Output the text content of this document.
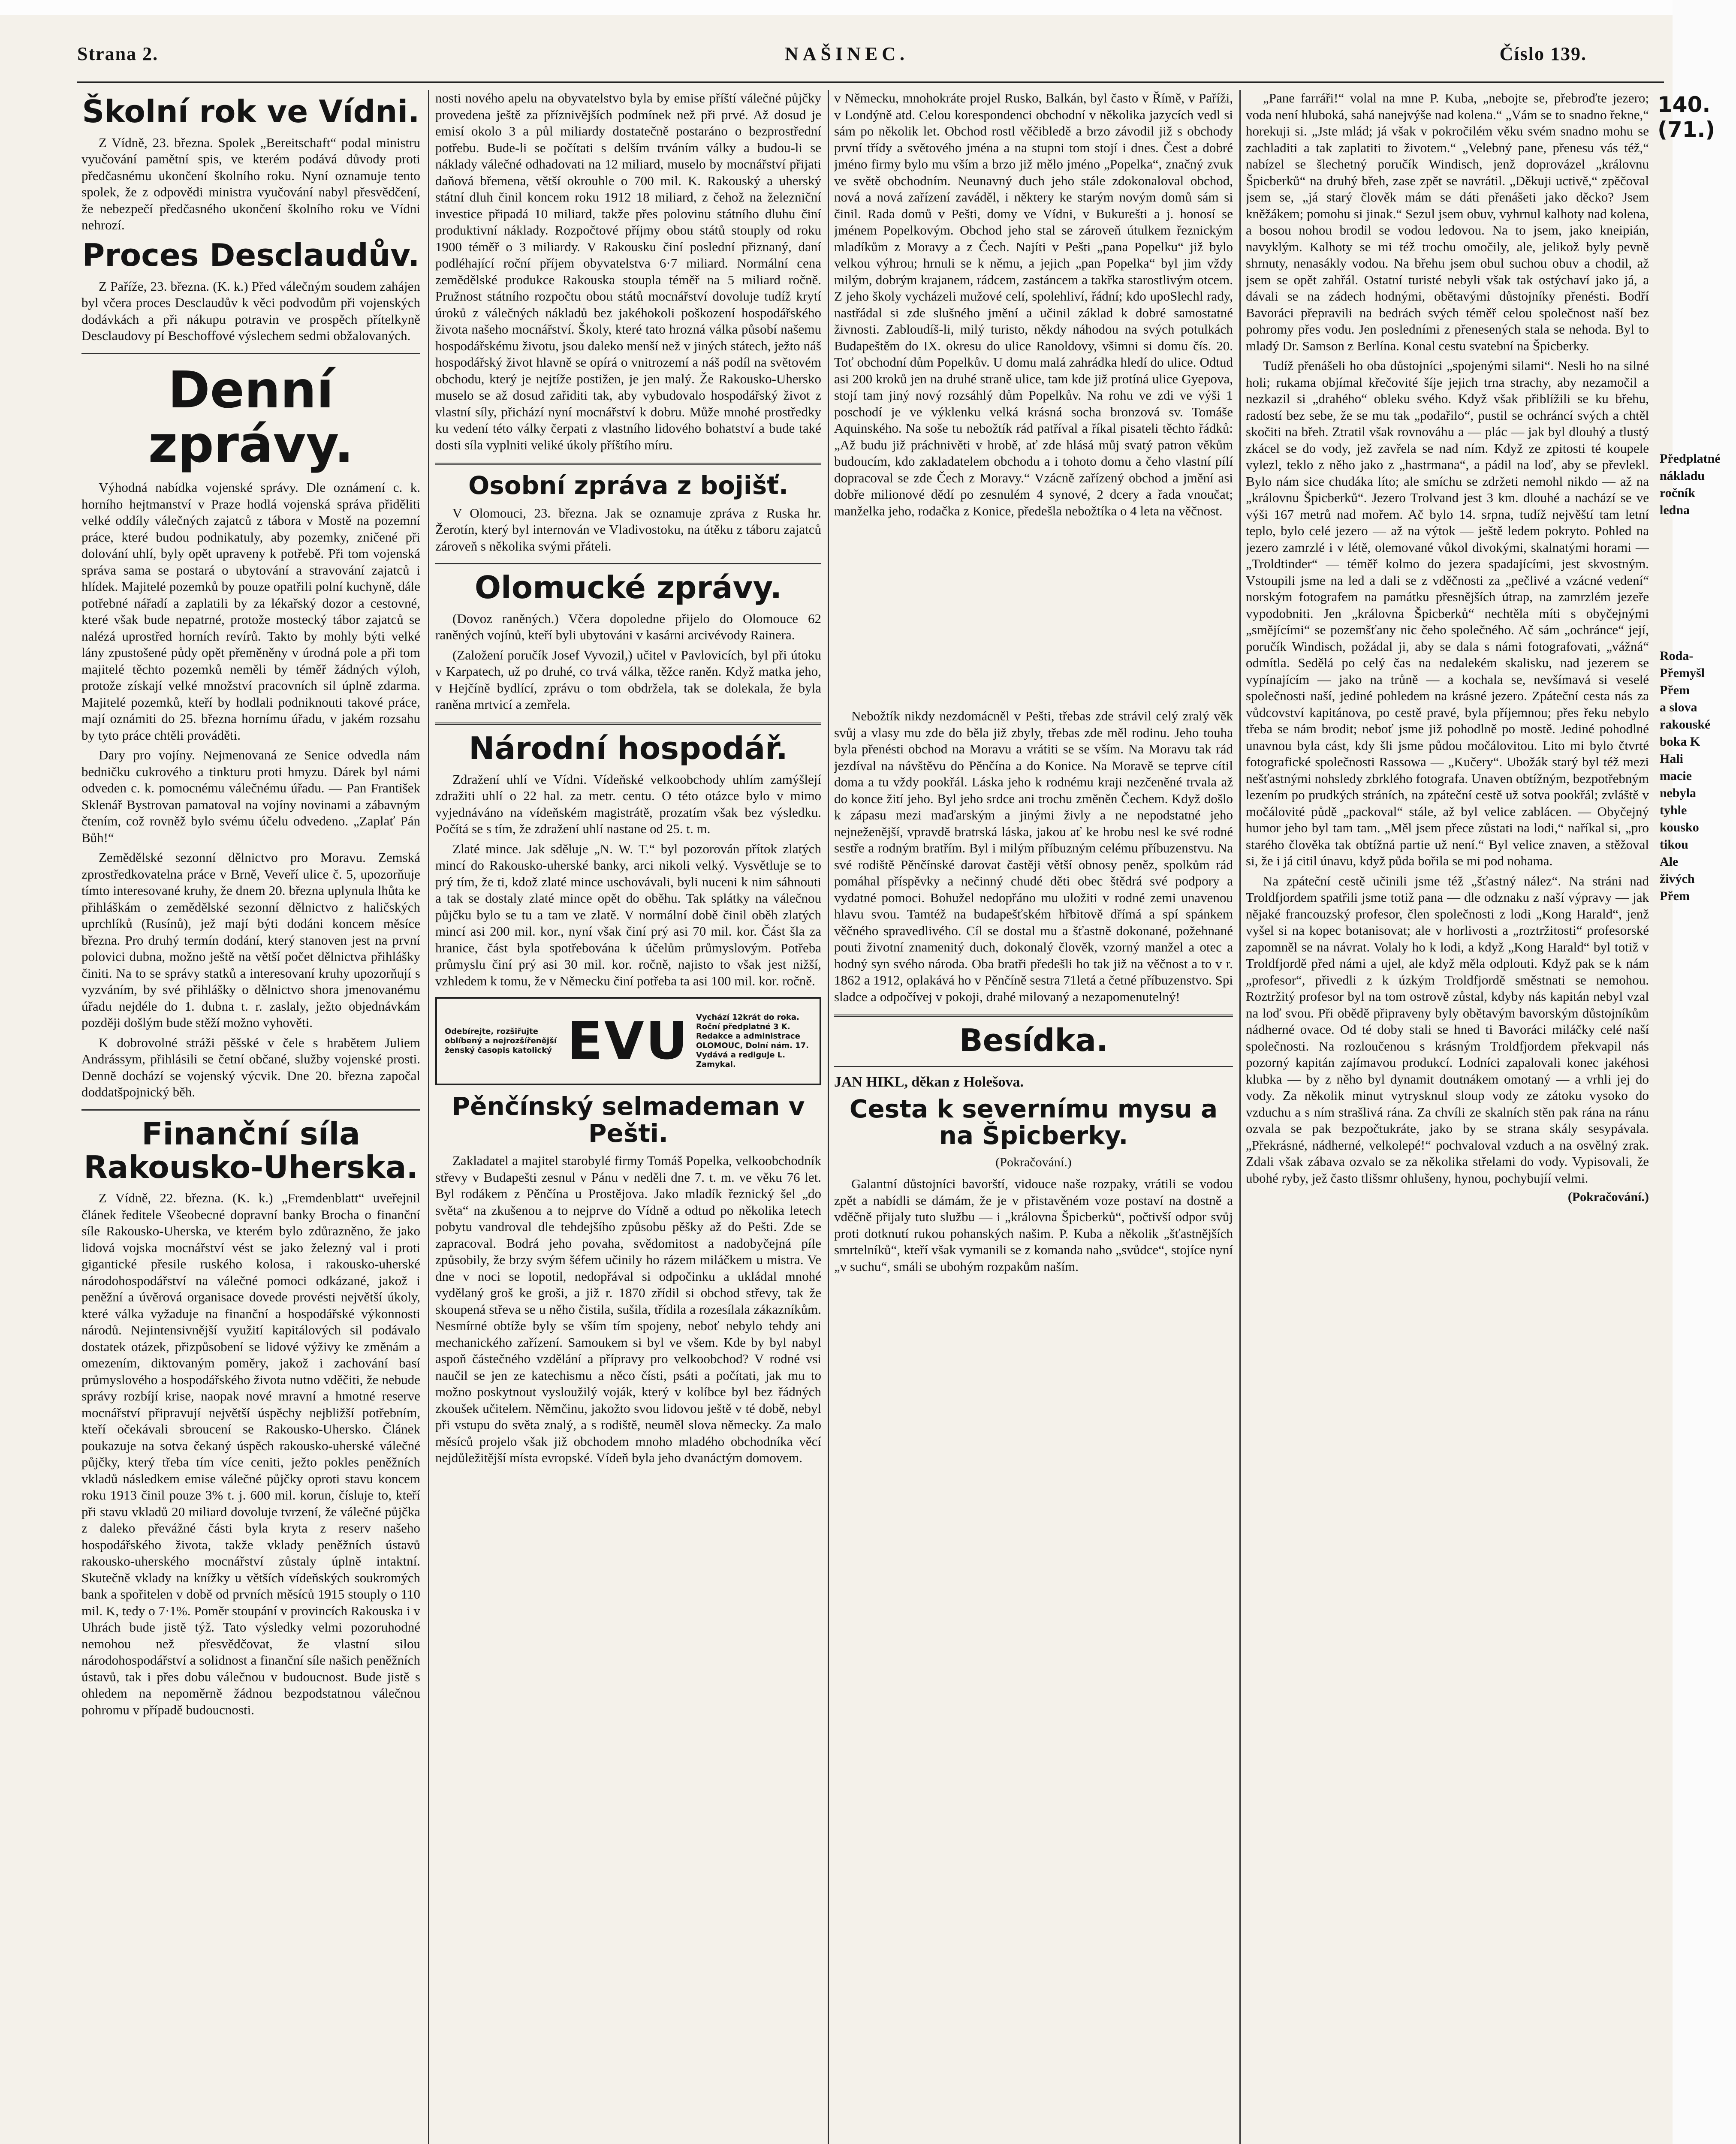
Strana 2.	NAŠINEC.	Číslo 139.
Školní rok ve Vídni.

Z Vídně, 23. března. Spolek „Bereitschaft“ podal ministru vyučování pamětní spis, ve kterém podává důvody proti předčasnému ukončení školního roku. Nyní oznamuje tento spolek, že z odpovědi ministra vyučování nabyl přesvědčení, že nebezpečí předčasného ukončení školního roku ve Vídni nehrozí.

Proces Desclaudův.

Z Paříže, 23. března. (K. k.) Před válečným soudem zahájen byl včera proces Desclaudův k věci podvodům při vojenských dodávkách a při nákupu potravin ve prospěch přítelkyně Desclaudovy pí Beschoffové výslechem sedmi obžalovaných.

Denní zprávy.

Výhodná nabídka vojenské správy. Dle oznámení c. k. horního hejtmanství v Praze hodlá vojenská správa přiděliti velké oddíly válečných zajatců z tábora v Mostě na pozemní práce, které budou podnikatuly, aby pozemky, zničené při dolování uhlí, byly opět upraveny k potřebě. Při tom vojenská správa sama se postará o ubytování a stravování zajatců i hlídek. Majitelé pozemků by pouze opatřili polní kuchyně, dále potřebné nářadí a zaplatili by za lékařský dozor a cestovné, které však bude nepatrné, protože mostecký tábor zajatců se nalézá uprostřed horních revírů. Takto by mohly býti velké lány zpustošené půdy opět přeměněny v úrodná pole a při tom majitelé těchto pozemků neměli by téměř žádných výloh, protože získají velké množství pracovních sil úplně zdarma. Majitelé pozemků, kteří by hodlali podniknouti takové práce, mají oznámiti do 25. března hornímu úřadu, v jakém rozsahu by tyto práce chtěli prováděti.

Dary pro vojíny. Nejmenovaná ze Senice odvedla nám bedničku cukrového a tinkturu proti hmyzu. Dárek byl námi odveden c. k. pomocnému válečnému úřadu. — Pan František Sklenář Bystrovan pamatoval na vojíny novinami a zábavným čtením, což rovněž bylo svému účelu odvedeno. „Zaplať Pán Bůh!“

Zemědělské sezonní dělnictvo pro Moravu. Zemská zprostředkovatelna práce v Brně, Veveří ulice č. 5, upozorňuje tímto interesované kruhy, že dnem 20. března uplynula lhůta ke přihláškám o zemědělské sezonní dělnictvo z haličských uprchlíků (Rusínů), jež mají býti dodáni koncem měsíce března. Pro druhý termín dodání, který stanoven jest na první polovici dubna, možno ještě na větší počet dělnictva přihlášky činiti. Na to se správy statků a interesovaní kruhy upozorňují s vyzváním, by své přihlášky o dělnictvo shora jmenovanému úřadu nejdéle do 1. dubna t. r. zaslaly, ježto objednávkám později došlým bude stěží možno vyhověti.

K dobrovolné stráži pěšské v čele s hrabětem Juliem Andrássym, přihlásili se četní občané, služby vojenské prosti. Denně dochází se vojenský výcvik. Dne 20. března započal doddatšpojnický běh.

Finanční síla Rakousko-Uherska.

Z Vídně, 22. března. (K. k.) „Fremdenblatt“ uveřejnil článek ředitele Všeobecné dopravní banky Brocha o finanční síle Rakousko-Uherska, ve kterém bylo zdůrazněno, že jako lidová vojska mocnářství vést se jako železný val i proti gigantické přesile ruského kolosa, i rakousko-uherské národohospodářství na válečné pomoci odkázané, jakož i peněžní a úvěrová organisace dovede provésti největší úkoly, které válka vyžaduje na finanční a hospodářské výkonnosti národů. Nejintensivnější využití kapitálových sil podávalo dostatek otázek, přizpůsobení se lidové výživy ke změnám a omezením, diktovaným poměry, jakož i zachování basí průmyslového a hospodářského života nutno vděčiti, že nebude správy rozbíjí krise, naopak nové mravní a hmotné reserve mocnářství připravují největší úspěchy nejbližší potřebním, kteří očekávali sbroucení se Rakousko-Uhersko. Článek poukazuje na sotva čekaný úspěch rakousko-uherské válečné půjčky, který třeba tím více ceniti, ježto pokles peněžních vkladů následkem emise válečné půjčky oproti stavu koncem roku 1913 činil pouze 3% t. j. 600 mil. korun, čísluje to, kteří při stavu vkladů 20 miliard dovoluje tvrzení, že válečné půjčka z daleko převážné části byla kryta z reserv našeho hospodářského života, takže vklady peněžních ústavů rakousko-uherského mocnářství zůstaly úplně intaktní. Skutečně vklady na knížky u větších vídeňských soukromých bank a spořitelen v době od prvních měsíců 1915 stouply o 110 mil. K, tedy o 7·1%. Poměr stoupání v provincích Rakouska i v Uhrách bude jistě týž. Tato výsledky velmi pozoruhodné nemohou než přesvědčovat, že vlastní silou národohospodářství a solidnost a finanční síle našich peněžních ústavů, tak i přes dobu válečnou v budoucnost. Bude jistě s ohledem na nepoměrně žádnou bezpodstatnou válečnou pohromu v případě budoucnosti.

nosti nového apelu na obyvatelstvo byla by emise příští válečné půjčky provedena ještě za příznivějších podmínek než při prvé. Až dosud je emisí okolo 3 a půl miliardy dostatečně postaráno o bezprostřední potřebu. Bude-li se počítati s delším trváním války a budou-li se náklady válečné odhadovati na 12 miliard, muselo by mocnářství přijati daňová břemena, větší okrouhle o 700 mil. K. Rakouský a uherský státní dluh činil koncem roku 1912 18 miliard, z čehož na železniční investice připadá 10 miliard, takže přes polovinu státního dluhu činí produktivní náklady. Rozpočtové příjmy obou států stouply od roku 1900 téměř o 3 miliardy. V Rakousku činí poslední přiznaný, daní podléhající roční příjem obyvatelstva 6·7 miliard. Normální cena zemědělské produkce Rakouska stoupla téměř na 5 miliard ročně. Pružnost státního rozpočtu obou států mocnářství dovoluje tudíž krytí úroků z válečných nákladů bez jakéhokoli poškození hospodářského života našeho mocnářství. Školy, které tato hrozná válka působí našemu hospodářskému životu, jsou daleko menší než v jiných státech, ježto náš hospodářský život hlavně se opírá o vnitrozemí a náš podíl na světovém obchodu, který je nejtíže postižen, je jen malý. Že Rakousko-Uhersko muselo se až dosud zařiditi tak, aby vybudovalo hospodářský život z vlastní síly, přichází nyní mocnářství k dobru. Může mnohé prostředky ku vedení této války čerpati z vlastního lidového bohatství a bude také dosti síla vyplniti veliké úkoly příštího míru.

Osobní zpráva z bojišť.

V Olomouci, 23. března. Jak se oznamuje zpráva z Ruska hr. Žerotín, který byl internován ve Vladivostoku, na útěku z táboru zajatců zároveň s několika svými přáteli.

Olomucké zprávy.

(Dovoz raněných.) Včera dopoledne přijelo do Olomouce 62 raněných vojínů, kteří byli ubytováni v kasárni arcivévody Rainera.

(Založení poručík Josef Vyvozil,) učitel v Pavlovicích, byl při útoku v Karpatech, už po druhé, co trvá válka, těžce raněn. Když matka jeho, v Hejčíně bydlící, zprávu o tom obdržela, tak se dolekala, že byla raněna mrtvicí a zemřela.

Národní hospodář.

Zdražení uhlí ve Vídni. Vídeňské velkoobchody uhlím zamýšlejí zdražiti uhlí o 22 hal. za metr. centu. O této otázce bylo v mimo vyjednáváno na vídeňském magistrátě, prozatím však bez výsledku. Počítá se s tím, že zdražení uhlí nastane od 25. t. m.

Zlaté mince. Jak sděluje „N. W. T.“ byl pozorován přítok zlatých mincí do Rakousko-uherské banky, arci nikoli velký. Vysvětluje se to prý tím, že ti, kdož zlaté mince uschovávali, byli nuceni k nim sáhnouti a tak se dostaly zlaté mince opět do oběhu. Tak splátky na válečnou půjčku bylo se tu a tam ve zlatě. V normální době činil oběh zlatých mincí asi 200 mil. kor., nyní však činí prý asi 70 mil. kor. Část šla za hranice, část byla spotřebována k účelům průmyslovým. Potřeba průmyslu činí prý asi 30 mil. kor. ročně, najisto to však jest nižší, vzhledem k tomu, že v Německu činí potřeba ta asi 100 mil. kor. ročně.

Odebírejte, rozšiřujte oblíbený a nejrozšířenější ženský časopis katolický EVU Vychází 12krát do roka. Roční předplatné 3 K. Redakce a administrace OLOMOUC, Dolní nám. 17. Vydává a rediguje L. Zamykal.
Pěnčínský selmademan v Pešti.

Zakladatel a majitel starobylé firmy Tomáš Popelka, velkoobchodník střevy v Budapešti zesnul v Pánu v neděli dne 7. t. m. ve věku 76 let. Byl rodákem z Pěnčína u Prostějova. Jako mladík řeznický šel „do světa“ na zkušenou a to nejprve do Vídně a odtud po několika letech pobytu vandroval dle tehdejšího způsobu pěšky až do Pešti. Zde se zapracoval. Bodrá jeho povaha, svědomitost a nadobyčejná píle způsobily, že brzy svým šéfem učinily ho rázem miláčkem u mistra. Ve dne v noci se lopotil, nedopřával si odpočinku a ukládal mnohé vydělaný groš ke groši, a již r. 1870 zřídil si obchod střevy, tak že skoupená střeva se u něho čistila, sušila, třídila a rozesílala zákazníkům. Nesmírné obtíže byly se vším tím spojeny, neboť nebylo tehdy ani mechanického zařízení. Samoukem si byl ve všem. Kde by byl nabyl aspoň částečného vzdělání a přípravy pro velkoobchod? V rodné vsi naučil se jen ze katechismu a něco čísti, psáti a počítati, jak mu to možno poskytnout vysloužilý voják, který v kolíbce byl bez řádných zkoušek učitelem. Němčinu, jakožto svou lidovou ještě v té době, nebyl při vstupu do světa znalý, a s rodiště, neuměl slova německy. Za malo měsíců projelo však již obchodem mnoho mladého obchodníka věcí nejdůležitější místa evropské. Vídeň byla jeho dvanáctým domovem.

v Německu, mnohokráte projel Rusko, Balkán, byl často v Římě, v Paříži, v Londýně atd. Celou korespondenci obchodní v několika jazycích vedl si sám po několik let. Obchod rostl věčibledě a brzo závodil již s obchody první třídy a světového jména a na stupni tom stojí i dnes. Čest a dobré jméno firmy bylo mu vším a brzo již mělo jméno „Popelka“, značný zvuk ve světě obchodním. Neunavný duch jeho stále zdokonaloval obchod, nová a nová zařízení zaváděl, i některy ke starým novým domů sám si činil. Rada domů v Pešti, domy ve Vídni, v Bukurešti a j. honosí se jménem Popelkovým. Obchod jeho stal se zároveň útulkem řeznickým mladíkům z Moravy a z Čech. Najíti v Pešti „pana Popelku“ již bylo velkou výhrou; hrnuli se k němu, a jejich „pan Popelka“ byl jim vždy milým, dobrým krajanem, rádcem, zastáncem a takřka starostlivým otcem. Z jeho školy vycházeli mužové celí, spolehliví, řádní; kdo upoSlechl rady, nastřádal si zde slušného jmění a učinil základ k dobré samostatné živnosti. Zabloudíš-li, milý turisto, někdy náhodou na svých potulkách Budapeštěm do IX. okresu do ulice Ranoldovy, všimni si domu čís. 20. Toť obchodní dům Popelkův. U domu malá zahrádka hledí do ulice. Odtud asi 200 kroků jen na druhé straně ulice, tam kde již protíná ulice Gyepova, stojí tam jiný nový rozsáhlý dům Popelkův. Na rohu ve zdi ve výši 1 poschodí je ve výklenku velká krásná socha bronzová sv. Tomáše Aquinského. Na soše tu nebožtík rád patříval a říkal pisateli těchto řádků: „Až budu již práchnivěti v hrobě, ať zde hlásá můj svatý patron věkům budoucím, kdo zakladatelem obchodu a i tohoto domu a čeho vlastní pílí dopracoval se zde Čech z Moravy.“ Vzácně zařízený obchod a jmění asi dobře milionové dědí po zesnulém 4 synové, 2 dcery a řada vnoučat; manželka jeho, rodačka z Konice, předešla nebožtíka o 4 leta na věčnost.

Nebožtík nikdy nezdomácněl v Pešti, třebas zde strávil celý zralý věk svůj a vlasy mu zde do běla již zbyly, třebas zde měl rodinu. Jeho touha byla přenésti obchod na Moravu a vrátiti se se vším. Na Moravu tak rád jezdíval na návštěvu do Pěnčína a do Konice. Na Moravě se teprve cítil doma a tu vždy pookřál. Láska jeho k rodnému kraji nezčeněné trvala až do konce žití jeho. Byl jeho srdce ani trochu změněn Čechem. Když došlo k zápasu mezi maďarským a jinými živly a ne nepodstatné jeho nejneženější, vpravdě bratrská láska, jakou ať ke hrobu nesl ke své rodné sestře a rodným bratřím. Byl i milým příbuzným celému příbuzenstvu. Na své rodiště Pěnčínské darovat častěji větší obnosy peněz, spolkům rád pomáhal příspěvky a nečinný chudé děti obec štědrá své podpory a vydatné pomoci. Bohužel nedopřáno mu uložiti v rodné zemi unavenou hlavu svou. Tamtéž na budapešťském hřbitově dřímá a spí spánkem věčného spravedlivého. Cíl se dostal mu a šťastně dokonané, požehnané pouti životní znamenitý duch, dokonalý člověk, vzorný manžel a otec a hodný syn svého národa. Oba bratři předešli ho tak již na věčnost a to v r. 1862 a 1912, oplakává ho v Pěnčíně sestra 71letá a četné příbuzenstvo. Spi sladce a odpočívej v pokoji, drahé milovaný a nezapomenutelný!

Besídka.
JAN HIKL, děkan z Holešova.
Cesta k severnímu mysu a na Špicberky.
(Pokračování.)

Galantní důstojníci bavorští, vidouce naše rozpaky, vrátili se vodou zpět a nabídli se dámám, že je v přistavěném voze postaví na dostně a vděčně přijaly tuto službu — i „královna Špicberků“, počtivší odpor svůj proti dotknutí rukou pohanských našim. P. Kuba a několik „šťastnějších smrtelníků“, kteří však vymanili se z komanda naho „svůdce“, stojíce nyní „v suchu“, smáli se ubohým rozpakům naším.

„Pane farráři!“ volal na mne P. Kuba, „nebojte se, přebroďte jezero; voda není hluboká, sahá nanejvýše nad kolena.“ „Vám se to snadno řekne,“ horekuji si. „Jste mlád; já však v pokročilém věku svém snadno mohu se zachladiti a tak zaplatiti to životem.“ „Velebný pane, přenesu vás též,“ nabízel se šlechetný poručík Windisch, jenž doprovázel „královnu Špicberků“ na druhý břeh, zase zpět se navrátil. „Děkuji uctivě,“ zpěčoval jsem se, „já starý člověk mám se dáti přenášeti jako děcko? Jsem kněžákem; pomohu si jinak.“ Sezul jsem obuv, vyhrnul kalhoty nad kolena, a bosou nohou brodil se vodou ledovou. Na to jsem, jako kneipián, navyklým. Kalhoty se mi též trochu omočily, ale, jelikož byly pevně shrnuty, nenasákly vodou. Na břehu jsem obul suchou obuv a chodil, až jsem se opět zahřál. Ostatní turisté nebyli však tak ostýchaví jako já, a dávali se na zádech hodnými, obětavými důstojníky přenésti. Bodří Bavoráci přepravili na bedrách svých téměř celou společnost naší bez pohromy přes vodu. Jen posledními z přenesených stala se nehoda. Byl to mladý Dr. Samson z Berlína. Konal cestu svatební na Špicberky.

Tudíž přenášeli ho oba důstojníci „spojenými silami“. Nesli ho na silné holi; rukama objímal křečovité šíje jejich trna strachy, aby nezamočil a nezkazil si „drahého“ obleku svého. Když však přiblížili se ku břehu, radostí bez sebe, že se mu tak „podařilo“, pustil se ochráncí svých a chtěl skočiti na břeh. Ztratil však rovnováhu a — plác — jak byl dlouhý a tlustý zkácel se do vody, jež zavřela se nad ním. Když ze zpitosti té koupele vylezl, teklo z něho jako z „hastrmana“, a pádil na loď, aby se převlekl. Bylo nám sice chudáka líto; ale smíchu se zdržeti nemohl nikdo — až na „královnu Špicberků“. Jezero Trolvand jest 3 km. dlouhé a nachází se ve výši 167 metrů nad mořem. Ač bylo 14. srpna, tudíž nejvěští tam letní teplo, bylo celé jezero — až na výtok — ještě ledem pokryto. Pohled na jezero zamrzlé i v létě, olemované vůkol divokými, skalnatými horami — „Troldtinder“ — téměř kolmo do jezera spadajícími, jest skvostným. Vstoupili jsme na led a dali se z vděčnosti za „pečlivé a vzácné vedení“ norským fotografem na památku přesnějších útrap, na zamrzlém jezeře vypodobniti. Jen „královna Špicberků“ nechtěla míti s obyčejnými „smějícími“ se pozemšťany nic čeho společného. Ač sám „ochránce“ její, poručík Windisch, požádal ji, aby se dala s námi fotografovati, „vážná“ odmítla. Sedělá po celý čas na nedalekém skalisku, nad jezerem se vypínajícím — jako na trůně — a kochala se, nevšímavá si veselé společnosti naší, jediné pohledem na krásné jezero. Zpáteční cesta nás za vůdcovství kapitánova, po cestě pravé, byla příjemnou; přes řeku nebylo třeba se nám brodit; neboť jsme již pohodlně po mostě. Jediné pohodlné unavnou byla cást, kdy šli jsme půdou močálovitou. Lito mi bylo čtvrté fotografické společnosti Rassowa — „Kučery“. Ubožák starý byl též mezi nešťastnými nohsledy zbrklého fotografa. Unaven obtížným, bezpotřebným lezením po prudkých stráních, na zpáteční cestě už sotva pookřál; zvláště v močálovité půdě „packoval“ stále, až byl velice zablácen. — Obyčejný humor jeho byl tam tam. „Měl jsem přece zůstati na lodi,“ naříkal si, „pro starého člověka tak obtížná partie už není.“ Byl velice znaven, a stěžoval si, že i já citil únavu, když půda bořila se mi pod nohama.

Na zpáteční cestě učinili jsme též „šťastný nález“. Na stráni nad Troldfjordem spatřili jsme totiž pana — dle odznaku z naší výpravy — jak nějaké francouzský profesor, člen společnosti z lodi „Kong Harald“, jenž vyšel si na kopec botanisovat; ale v horlivosti a „roztržitosti“ profesorské zapomněl se na návrat. Volaly ho k lodi, a když „Kong Harald“ byl totiž v Troldfjordě před námi a ujel, ale když měla odplouti. Když pak se k nám „profesor“, přivedli z k úzkým Troldfjordě směstnati se nemohou. Roztržitý profesor byl na tom ostrově zůstal, kdyby nás kapitán nebyl vzal na loď svou. Při obědě připraveny byly obětavým bavorským důstojníkům nádherné ovace. Od té doby stali se hned ti Bavoráci miláčky celé naší společnosti. Na rozloučenou s krásným Troldfjordem překvapil nás pozorný kapitán zajímavou produkcí. Lodníci zapalovali konec jakéhosi klubka — by z něho byl dynamit doutnákem omotaný — a vrhli jej do vody. Za několik minut vytrysknul sloup vody ze zátoku vysoko do vzduchu a s ním strašlivá rána. Za chvíli ze skalních stěn pak rána na ránu ozvala se pak bezpočtukráte, jako by se strana skály sesypávala. „Překrásné, nádherné, velkolepé!“ pochvaloval vzduch a na osvělný zrak. Zdali však zábava ozvalo se za několika střelami do vody. Vypisovali, že ubohé ryby, jež často tlišsmr ohlušeny, hynou, pochybujíí velmi.

(Pokračování.)
140. (71.)
Předplatné
nákladu
ročník
ledna
Roda-
Přemyšl
Přem
a slova
rakouské
boka K
Hali
macie
nebyla
tyhle
kousko
tikou
Ale
živých
Přem
